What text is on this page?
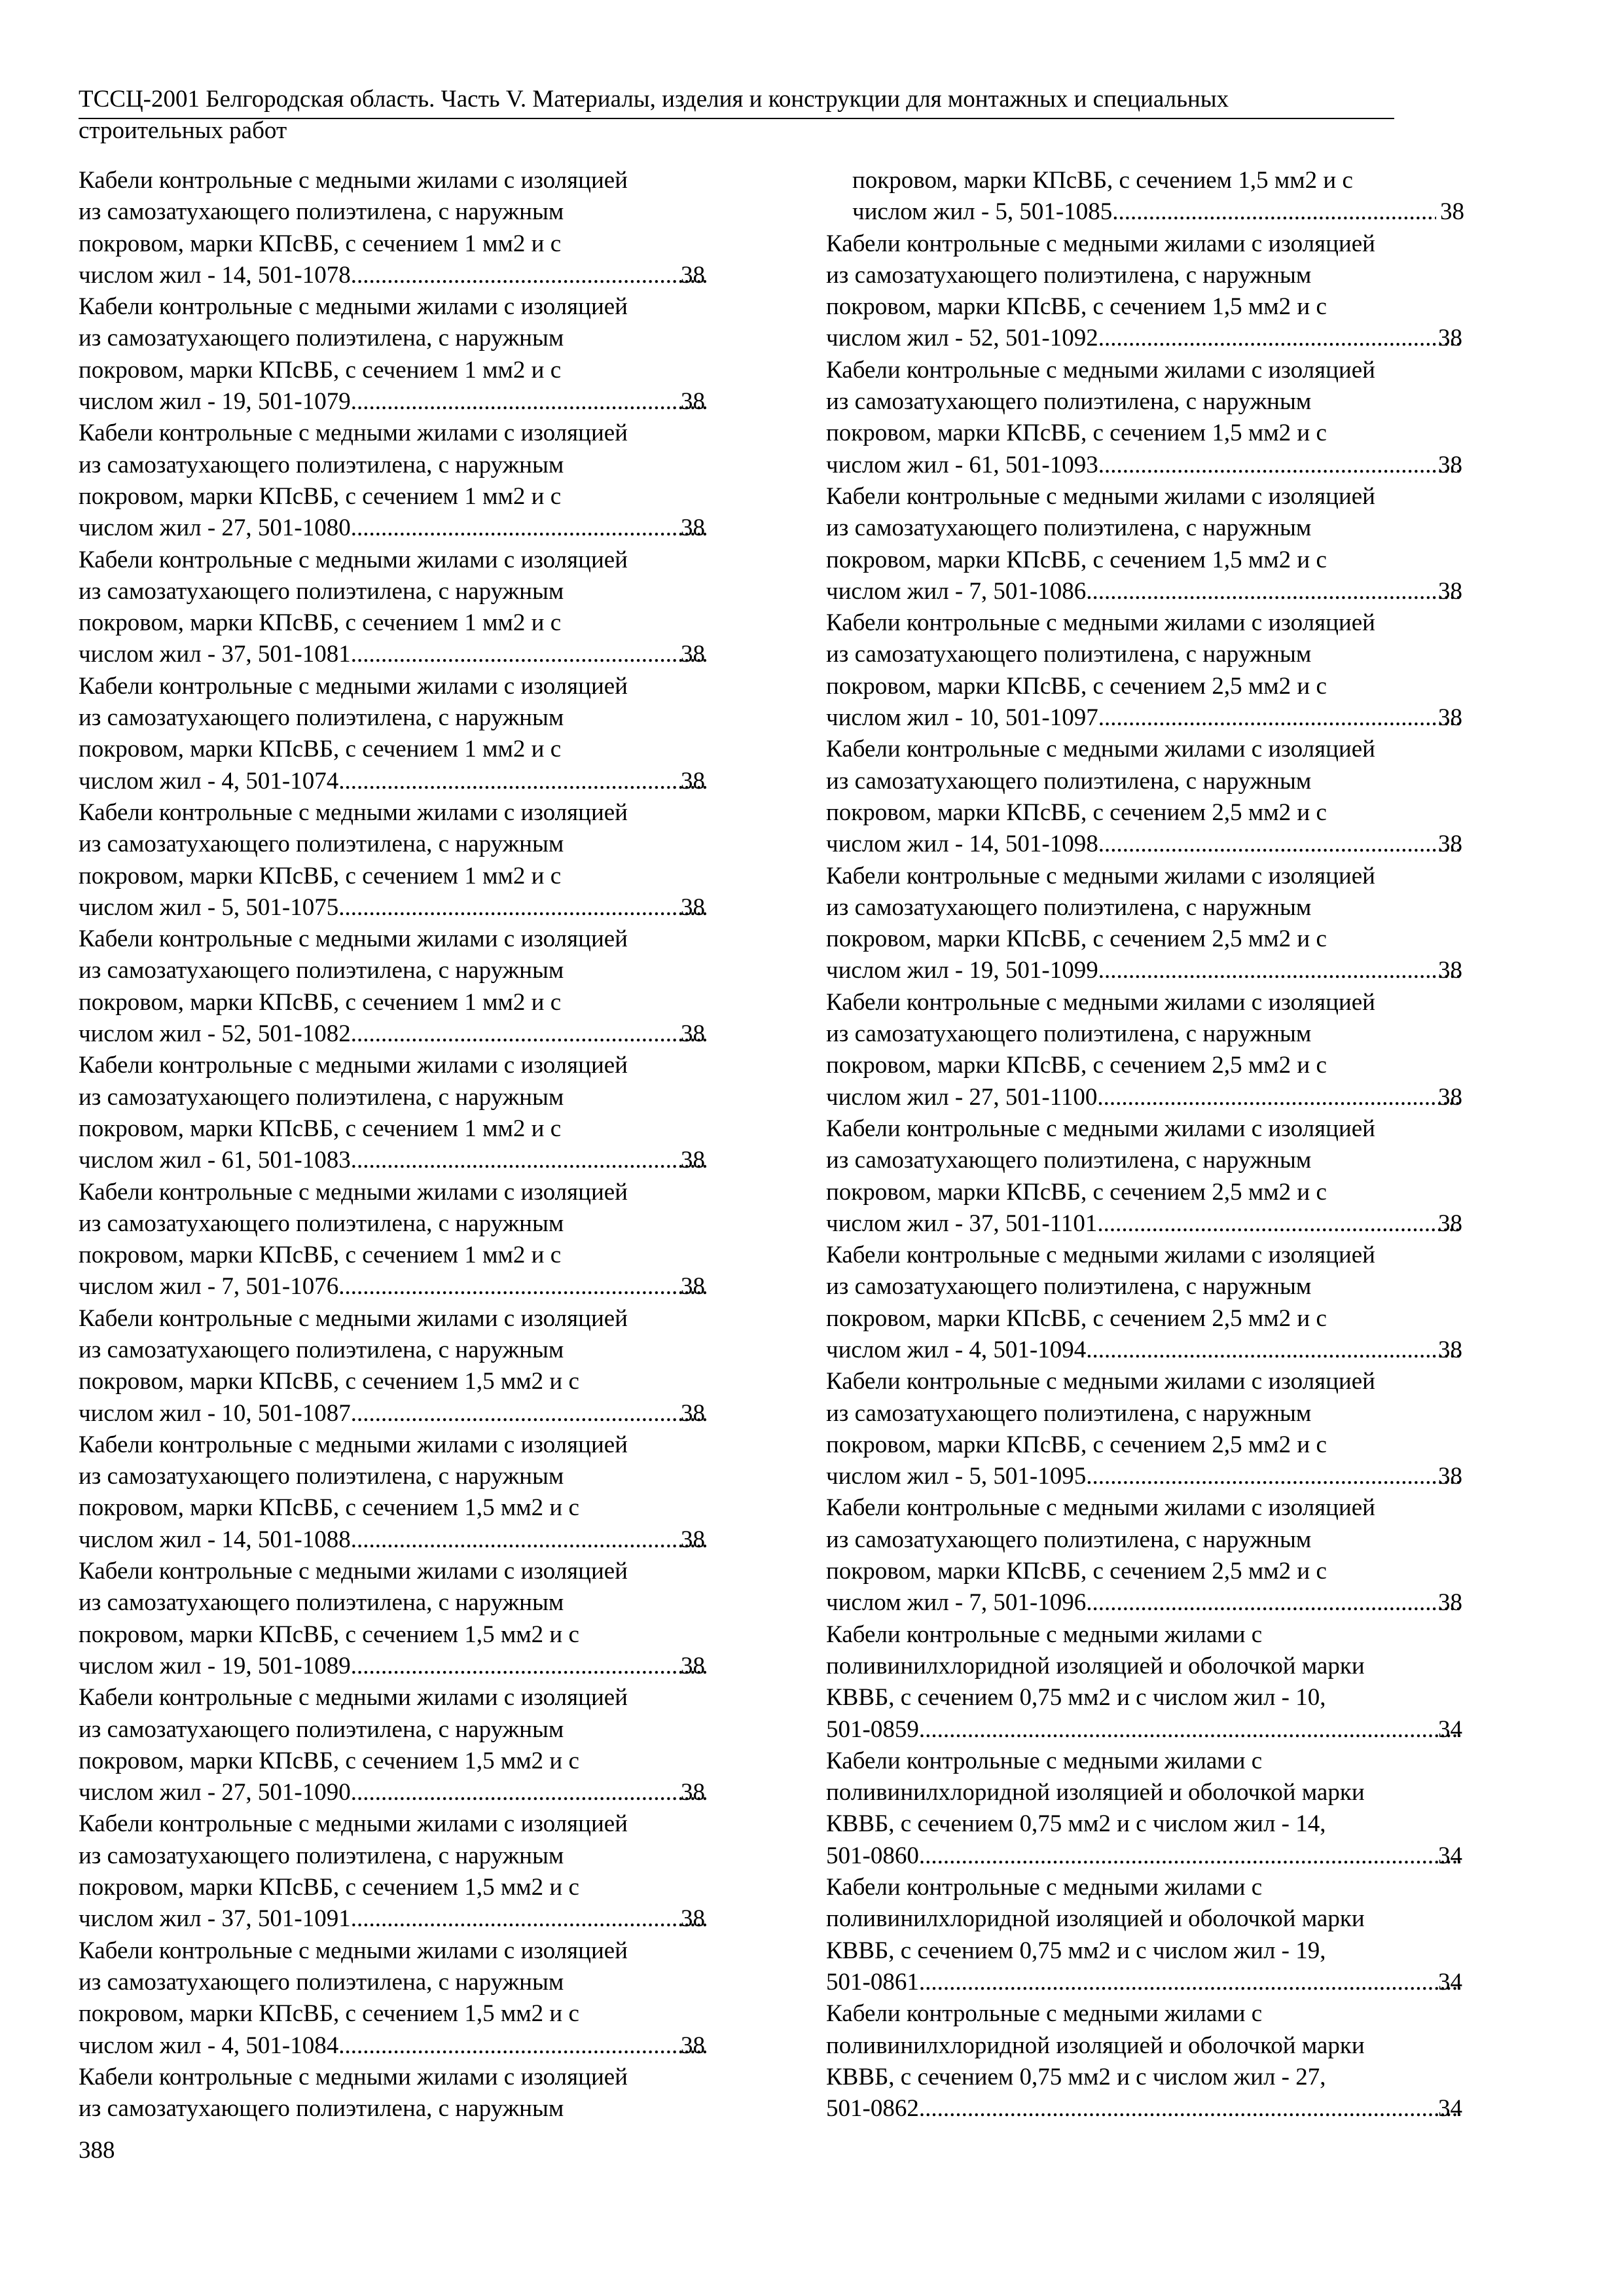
ТССЦ-2001 Белгородская область. Часть V. Материалы, изделия и конструкции для монтажных и специальных
строительных работ
Кабели контрольные с медными жилами с изоляцией
из самозатухающего полиэтилена, с наружным
покровом, марки КПсВБ, с сечением 1 мм2 и с
числом жил - 14, 501-1078 .....	38
Кабели контрольные с медными жилами с изоляцией
из самозатухающего полиэтилена, с наружным
покровом, марки КПсВБ, с сечением 1 мм2 и с
числом жил - 19, 501-1079 .....	38
Кабели контрольные с медными жилами с изоляцией
из самозатухающего полиэтилена, с наружным
покровом, марки КПсВБ, с сечением 1 мм2 и с
числом жил - 27, 501-1080 .....	38
Кабели контрольные с медными жилами с изоляцией
из самозатухающего полиэтилена, с наружным
покровом, марки КПсВБ, с сечением 1 мм2 и с
числом жил - 37, 501-1081 .....	38
Кабели контрольные с медными жилами с изоляцией
из самозатухающего полиэтилена, с наружным
покровом, марки КПсВБ, с сечением 1 мм2 и с
числом жил - 4, 501-1074 .....	38
Кабели контрольные с медными жилами с изоляцией
из самозатухающего полиэтилена, с наружным
покровом, марки КПсВБ, с сечением 1 мм2 и с
числом жил - 5, 501-1075 .....	38
Кабели контрольные с медными жилами с изоляцией
из самозатухающего полиэтилена, с наружным
покровом, марки КПсВБ, с сечением 1 мм2 и с
числом жил - 52, 501-1082 .....	38
Кабели контрольные с медными жилами с изоляцией
из самозатухающего полиэтилена, с наружным
покровом, марки КПсВБ, с сечением 1 мм2 и с
числом жил - 61, 501-1083 .....	38
Кабели контрольные с медными жилами с изоляцией
из самозатухающего полиэтилена, с наружным
покровом, марки КПсВБ, с сечением 1 мм2 и с
числом жил - 7, 501-1076 .....	38
Кабели контрольные с медными жилами с изоляцией
из самозатухающего полиэтилена, с наружным
покровом, марки КПсВБ, с сечением 1,5 мм2 и с
числом жил - 10, 501-1087 .....	38
Кабели контрольные с медными жилами с изоляцией
из самозатухающего полиэтилена, с наружным
покровом, марки КПсВБ, с сечением 1,5 мм2 и с
числом жил - 14, 501-1088 .....	38
Кабели контрольные с медными жилами с изоляцией
из самозатухающего полиэтилена, с наружным
покровом, марки КПсВБ, с сечением 1,5 мм2 и с
числом жил - 19, 501-1089 .....	38
Кабели контрольные с медными жилами с изоляцией
из самозатухающего полиэтилена, с наружным
покровом, марки КПсВБ, с сечением 1,5 мм2 и с
числом жил - 27, 501-1090 .....	38
Кабели контрольные с медными жилами с изоляцией
из самозатухающего полиэтилена, с наружным
покровом, марки КПсВБ, с сечением 1,5 мм2 и с
числом жил - 37, 501-1091 .....	38
Кабели контрольные с медными жилами с изоляцией
из самозатухающего полиэтилена, с наружным
покровом, марки КПсВБ, с сечением 1,5 мм2 и с
числом жил - 4, 501-1084 .....	38
Кабели контрольные с медными жилами с изоляцией
из самозатухающего полиэтилена, с наружным
покровом, марки КПсВБ, с сечением 1,5 мм2 и с
числом жил - 5, 501-1085 .....	38
Кабели контрольные с медными жилами с изоляцией
из самозатухающего полиэтилена, с наружным
покровом, марки КПсВБ, с сечением 1,5 мм2 и с
числом жил - 52, 501-1092 .....	38
Кабели контрольные с медными жилами с изоляцией
из самозатухающего полиэтилена, с наружным
покровом, марки КПсВБ, с сечением 1,5 мм2 и с
числом жил - 61, 501-1093 .....	38
Кабели контрольные с медными жилами с изоляцией
из самозатухающего полиэтилена, с наружным
покровом, марки КПсВБ, с сечением 1,5 мм2 и с
числом жил - 7, 501-1086 .....	38
Кабели контрольные с медными жилами с изоляцией
из самозатухающего полиэтилена, с наружным
покровом, марки КПсВБ, с сечением 2,5 мм2 и с
числом жил - 10, 501-1097 .....	38
Кабели контрольные с медными жилами с изоляцией
из самозатухающего полиэтилена, с наружным
покровом, марки КПсВБ, с сечением 2,5 мм2 и с
числом жил - 14, 501-1098 .....	38
Кабели контрольные с медными жилами с изоляцией
из самозатухающего полиэтилена, с наружным
покровом, марки КПсВБ, с сечением 2,5 мм2 и с
числом жил - 19, 501-1099 .....	38
Кабели контрольные с медными жилами с изоляцией
из самозатухающего полиэтилена, с наружным
покровом, марки КПсВБ, с сечением 2,5 мм2 и с
числом жил - 27, 501-1100 .....	38
Кабели контрольные с медными жилами с изоляцией
из самозатухающего полиэтилена, с наружным
покровом, марки КПсВБ, с сечением 2,5 мм2 и с
числом жил - 37, 501-1101 .....	38
Кабели контрольные с медными жилами с изоляцией
из самозатухающего полиэтилена, с наружным
покровом, марки КПсВБ, с сечением 2,5 мм2 и с
числом жил - 4, 501-1094 .....	38
Кабели контрольные с медными жилами с изоляцией
из самозатухающего полиэтилена, с наружным
покровом, марки КПсВБ, с сечением 2,5 мм2 и с
числом жил - 5, 501-1095 .....	38
Кабели контрольные с медными жилами с изоляцией
из самозатухающего полиэтилена, с наружным
покровом, марки КПсВБ, с сечением 2,5 мм2 и с
числом жил - 7, 501-1096 .....	38
Кабели контрольные с медными жилами с
поливинилхлоридной изоляцией и оболочкой марки
КВВБ, с сечением 0,75 мм2 и с числом жил - 10,
501-0859 .....	34
Кабели контрольные с медными жилами с
поливинилхлоридной изоляцией и оболочкой марки
КВВБ, с сечением 0,75 мм2 и с числом жил - 14,
501-0860 .....	34
Кабели контрольные с медными жилами с
поливинилхлоридной изоляцией и оболочкой марки
КВВБ, с сечением 0,75 мм2 и с числом жил - 19,
501-0861 .....	34
Кабели контрольные с медными жилами с
поливинилхлоридной изоляцией и оболочкой марки
КВВБ, с сечением 0,75 мм2 и с числом жил - 27,
501-0862 .....	34
388
